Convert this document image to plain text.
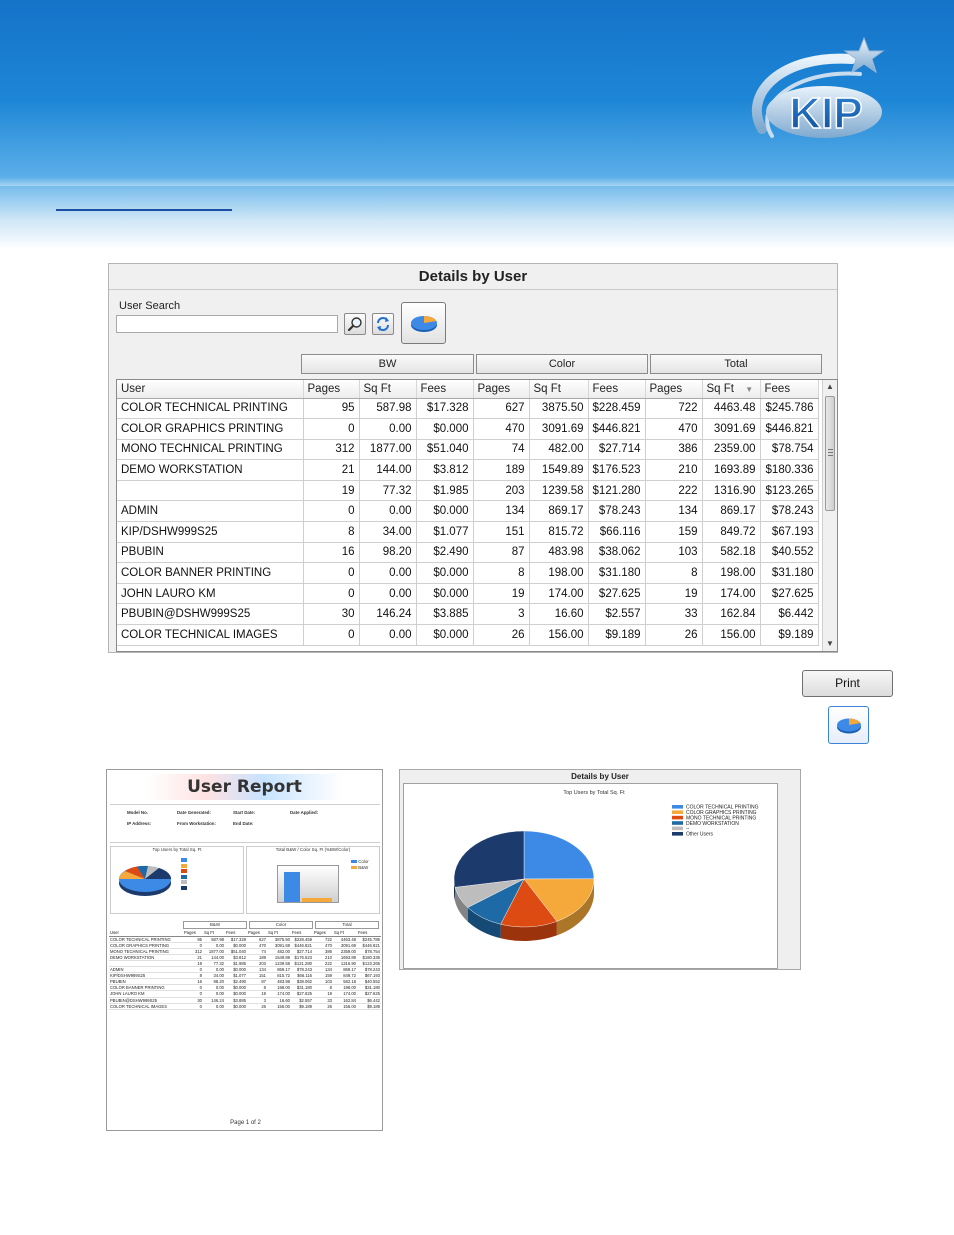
KIP
Details by User
User Search
BW	Color	Total
User	Pages	Sq Ft	Fees	Pages	Sq Ft	Fees	Pages	Sq Ft ▼	Fees
COLOR TECHNICAL PRINTING	95	587.98	$17.328	627	3875.50	$228.459	722	4463.48	$245.786
COLOR GRAPHICS PRINTING	0	0.00	$0.000	470	3091.69	$446.821	470	3091.69	$446.821
MONO TECHNICAL PRINTING	312	1877.00	$51.040	74	482.00	$27.714	386	2359.00	$78.754
DEMO WORKSTATION	21	144.00	$3.812	189	1549.89	$176.523	210	1693.89	$180.336
	19	77.32	$1.985	203	1239.58	$121.280	222	1316.90	$123.265
ADMIN	0	0.00	$0.000	134	869.17	$78.243	134	869.17	$78.243
KIP/DSHW999S25	8	34.00	$1.077	151	815.72	$66.116	159	849.72	$67.193
PBUBIN	16	98.20	$2.490	87	483.98	$38.062	103	582.18	$40.552
COLOR BANNER PRINTING	0	0.00	$0.000	8	198.00	$31.180	8	198.00	$31.180
JOHN LAURO KM	0	0.00	$0.000	19	174.00	$27.625	19	174.00	$27.625
PBUBIN@DSHW999S25	30	146.24	$3.885	3	16.60	$2.557	33	162.84	$6.442
COLOR TECHNICAL IMAGES	0	0.00	$0.000	26	156.00	$9.189	26	156.00	$9.189
▲
▼
Print
User Report
Model No.

IP Address:
Date Generated:

From Workstation:
Start Date:

End Date:
Date Applied:
Top Users by Total Sq. Ft	Total B&W / Color Sq. Ft (%BW/Color)
Color
B&W
B&W	Color	Total
User	Pages	Sq Ft	Fees	Pages	Sq Ft	Fees	Pages	Sq Ft	Fees
COLOR TECHNICAL PRINTING	95	587.98	$17.328	627	3875.50	$228.459	722	4463.48	$245.786
COLOR GRAPHICS PRINTING	0	0.00	$0.000	470	3091.69	$446.821	470	3091.69	$446.821
MONO TECHNICAL PRINTING	312	1877.00	$51.040	74	482.00	$27.714	386	2359.00	$78.754
DEMO WORKSTATION	21	144.00	$3.812	189	1549.89	$176.523	210	1693.89	$180.336
	19	77.32	$1.985	203	1239.58	$121.280	222	1316.90	$123.265
ADMIN	0	0.00	$0.000	134	869.17	$78.243	134	869.17	$78.243
KIP/DSHW999S25	8	34.00	$1.077	151	815.72	$66.116	159	849.72	$67.193
PBUBIN	16	98.20	$2.490	87	483.98	$38.062	103	582.18	$40.552
COLOR BANNER PRINTING	0	0.00	$0.000	8	198.00	$31.180	8	198.00	$31.180
JOHN LAURO KM	0	0.00	$0.000	19	174.00	$27.625	19	174.00	$27.625
PBUBIN@DSHW999S25	30	146.24	$3.885	3	16.60	$2.557	33	162.84	$6.442
COLOR TECHNICAL IMAGES	0	0.00	$0.000	26	156.00	$9.189	26	156.00	$9.189
Page 1 of 2
Details by User
Top Users by Total Sq. Ft
COLOR TECHNICAL PRINTING
COLOR GRAPHICS PRINTING
MONO TECHNICAL PRINTING
DEMO WORKSTATION
--
Other Users
